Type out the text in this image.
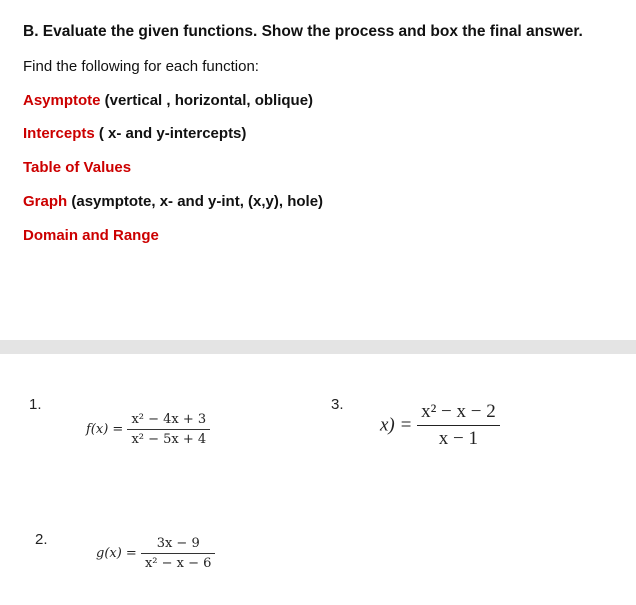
B. Evaluate the given functions. Show the process and box the final answer.
Find the following for each function:
Asymptote (vertical , horizontal, oblique)
Intercepts ( x- and y-intercepts)
Table of Values
Graph (asymptote, x- and y-int, (x,y), hole)
Domain and Range
1.
$f(x) = \frac{\text{x² − 4x + 3}}{\text{x² − 5x + 4}}$
2.
$g(x) = \frac{3x - 9}{\text{x² − x − 6}}$
3.
$x) = \frac{\text{x² − x − 2}}{x - 1}$
